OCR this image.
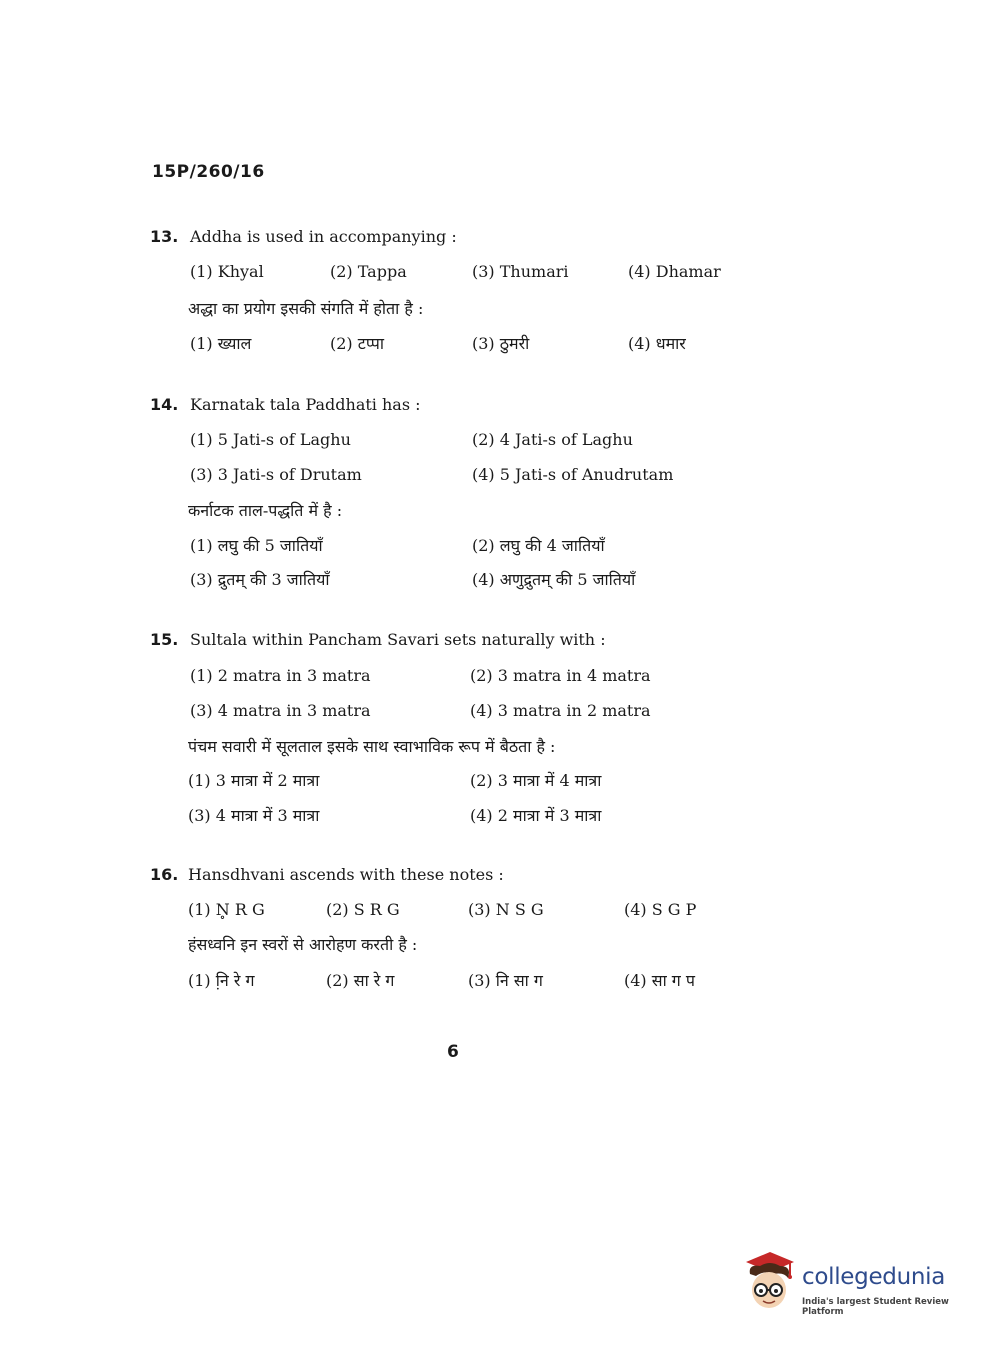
15P/260/16
13. Addha is used in accompanying :
(1) Khyal	(2) Tappa	(3) Thumari	(4) Dhamar
अद्धा का प्रयोग इसकी संगति में होता है :
(1) ख्याल	(2) टप्पा	(3) ठुमरी	(4) धमार
14. Karnatak tala Paddhati has :
(1) 5 Jati-s of Laghu	(2) 4 Jati-s of Laghu
(3) 3 Jati-s of Drutam	(4) 5 Jati-s of Anudrutam
कर्नाटक ताल-पद्धति में है :
(1) लघु की 5 जातियाँ	(2) लघु की 4 जातियाँ
(3) द्रुतम् की 3 जातियाँ	(4) अणुद्रुतम् की 5 जातियाँ
15. Sultala within Pancham Savari sets naturally with :
(1) 2 matra in 3 matra	(2) 3 matra in 4 matra
(3) 4 matra in 3 matra	(4) 3 matra in 2 matra
पंचम सवारी में सूलताल इसके साथ स्वाभाविक रूप में बैठता है :
(1) 3 मात्रा में 2 मात्रा	(2) 3 मात्रा में 4 मात्रा
(3) 4 मात्रा में 3 मात्रा	(4) 2 मात्रा में 3 मात्रा
16. Hansdhvani ascends with these notes :
(1) N̥ R G	(2) S R G	(3) N S G	(4) S G P
हंसध्वनि इन स्वरों से आरोहण करती है :
(1) नि़ रे ग	(2) सा रे ग	(3) नि सा ग	(4) सा ग प
6
collegedunia
India's largest Student Review Platform
